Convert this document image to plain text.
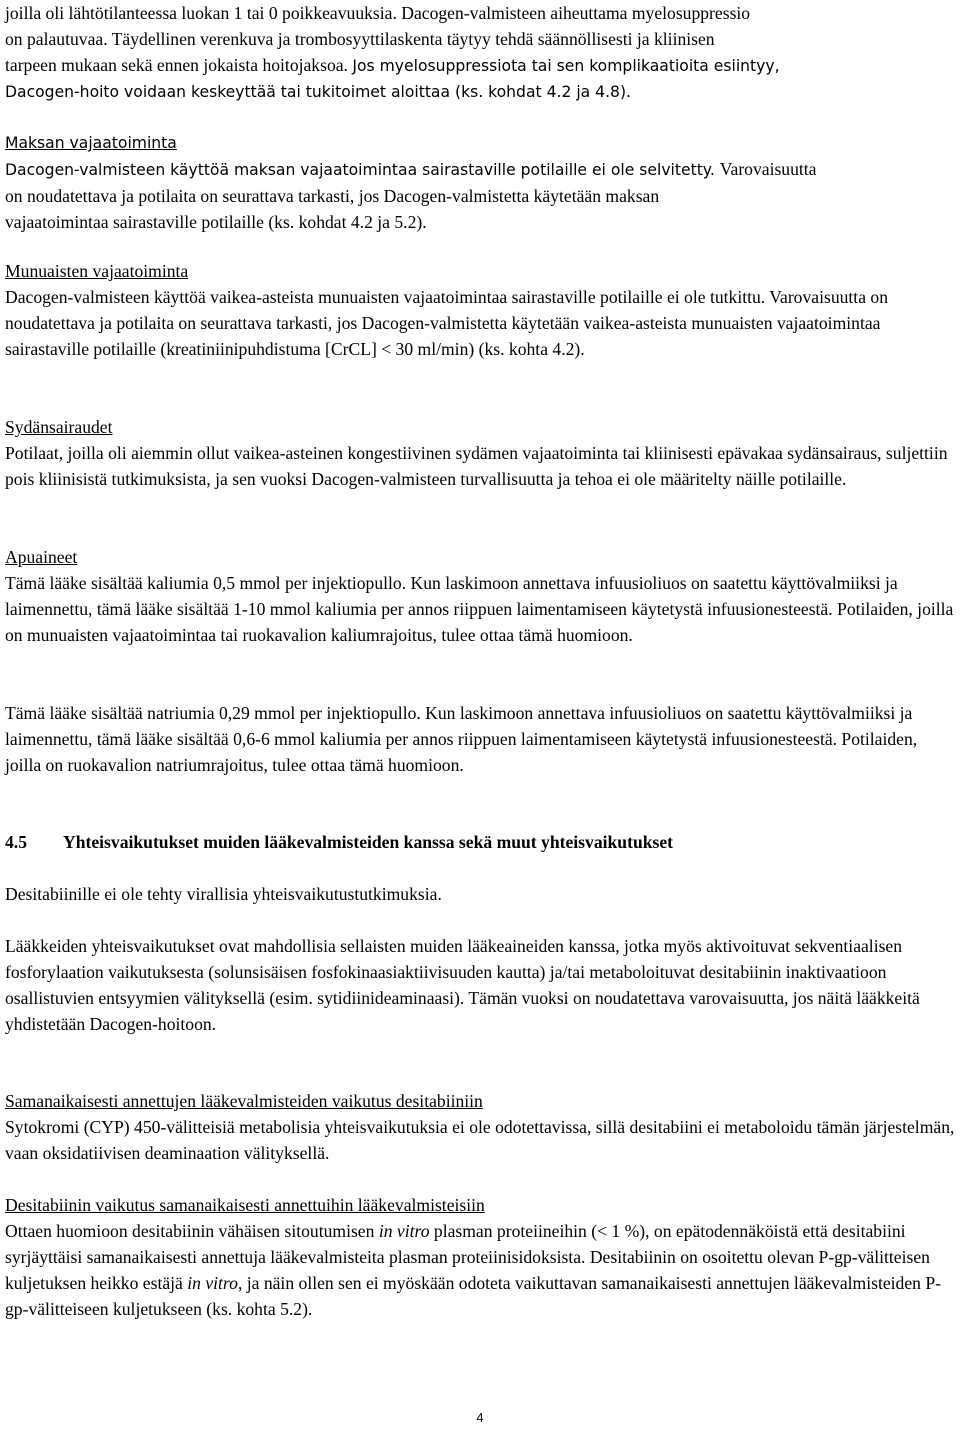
joilla oli lähtötilanteessa luokan 1 tai 0 poikkeavuuksia. Dacogen-valmisteen aiheuttama myelosuppressio
on palautuvaa. Täydellinen verenkuva ja trombosyyttilaskenta täytyy tehdä säännöllisesti ja kliinisen
tarpeen mukaan sekä ennen jokaista hoitojaksoa. Jos myelosuppressiota tai sen komplikaatioita esiintyy,
Dacogen-hoito voidaan keskeyttää tai tukitoimet aloittaa (ks. kohdat 4.2 ja 4.8).
Maksan vajaatoiminta
Dacogen-valmisteen käyttöä maksan vajaatoimintaa sairastaville potilaille ei ole selvitetty. Varovaisuutta
on noudatettava ja potilaita on seurattava tarkasti, jos Dacogen-valmistetta käytetään maksan
vajaatoimintaa sairastaville potilaille (ks. kohdat 4.2 ja 5.2).
Munuaisten vajaatoiminta
Dacogen-valmisteen käyttöä vaikea-asteista munuaisten vajaatoimintaa sairastaville potilaille ei ole tutkittu. Varovaisuutta on noudatettava ja potilaita on seurattava tarkasti, jos Dacogen-valmistetta käytetään vaikea-asteista munuaisten vajaatoimintaa sairastaville potilaille (kreatiniinipuhdistuma [CrCL] < 30 ml/min) (ks. kohta 4.2).
Sydänsairaudet
Potilaat, joilla oli aiemmin ollut vaikea-asteinen kongestiivinen sydämen vajaatoiminta tai kliinisesti epävakaa sydänsairaus, suljettiin pois kliinisistä tutkimuksista, ja sen vuoksi Dacogen-valmisteen turvallisuutta ja tehoa ei ole määritelty näille potilaille.
Apuaineet
Tämä lääke sisältää kaliumia 0,5 mmol per injektiopullo. Kun laskimoon annettava infuusioliuos on saatettu käyttövalmiiksi ja laimennettu, tämä lääke sisältää 1-10 mmol kaliumia per annos riippuen laimentamiseen käytetystä infuusionesteestä. Potilaiden, joilla on munuaisten vajaatoimintaa tai ruokavalion kaliumrajoitus, tulee ottaa tämä huomioon.
Tämä lääke sisältää natriumia 0,29 mmol per injektiopullo. Kun laskimoon annettava infuusioliuos on saatettu käyttövalmiiksi ja laimennettu, tämä lääke sisältää 0,6-6 mmol kaliumia per annos riippuen laimentamiseen käytetystä infuusionesteestä. Potilaiden, joilla on ruokavalion natriumrajoitus, tulee ottaa tämä huomioon.
4.5 Yhteisvaikutukset muiden lääkevalmisteiden kanssa sekä muut yhteisvaikutukset
Desitabiinille ei ole tehty virallisia yhteisvaikutustutkimuksia.
Lääkkeiden yhteisvaikutukset ovat mahdollisia sellaisten muiden lääkeaineiden kanssa, jotka myös aktivoituvat sekventiaalisen fosforylaation vaikutuksesta (solunsisäisen fosfokinaasiaktiivisuuden kautta) ja/tai metaboloituvat desitabiinin inaktivaatioon osallistuvien entsyymien välityksellä (esim. sytidiinideaminaasi). Tämän vuoksi on noudatettava varovaisuutta, jos näitä lääkkeitä yhdistetään Dacogen-hoitoon.
Samanaikaisesti annettujen lääkevalmisteiden vaikutus desitabiiniin
Sytokromi (CYP) 450-välitteisiä metabolisia yhteisvaikutuksia ei ole odotettavissa, sillä desitabiini ei metaboloidu tämän järjestelmän, vaan oksidatiivisen deaminaation välityksellä.
Desitabiinin vaikutus samanaikaisesti annettuihin lääkevalmisteisiin
Ottaen huomioon desitabiinin vähäisen sitoutumisen in vitro plasman proteiineihin (< 1 %), on epätodennäköistä että desitabiini syrjäyttäisi samanaikaisesti annettuja lääkevalmisteita plasman proteiinisidoksista. Desitabiinin on osoitettu olevan P-gp-välitteisen kuljetuksen heikko estäjä in vitro, ja näin ollen sen ei myöskään odoteta vaikuttavan samanaikaisesti annettujen lääkevalmisteiden P-gp-välitteiseen kuljetukseen (ks. kohta 5.2).
4
